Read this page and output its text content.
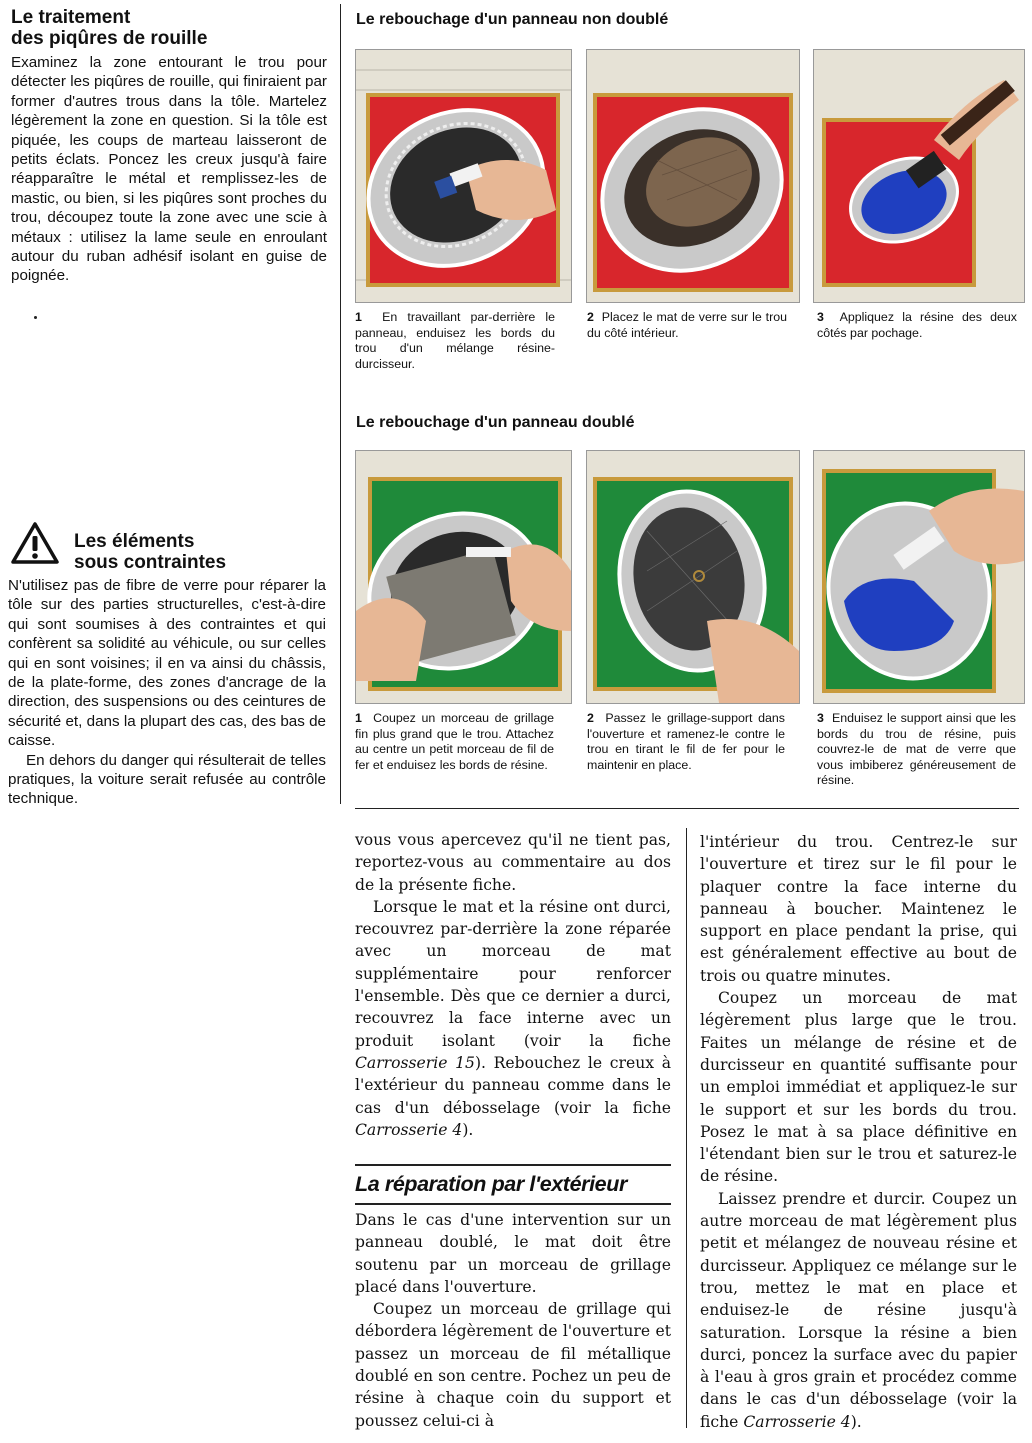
Le traitement
des piqûres de rouille

Examinez la zone entourant le trou pour détecter les piqûres de rouille, qui finiraient par former d'autres trous dans la tôle. Martelez légèrement la zone en question. Si la tôle est piquée, les coups de marteau laisseront de petits éclats. Poncez les creux jusqu'à faire réapparaître le métal et remplissez-les de mastic, ou bien, si les piqûres sont proches du trou, découpez toute la zone avec une scie à métaux : utilisez la lame seule en enroulant autour du ruban adhésif isolant en guise de poignée.

Les éléments
sous contraintes

N'utilisez pas de fibre de verre pour réparer la tôle sur des parties structurelles, c'est-à-dire qui sont soumises à des contraintes et qui confèrent sa solidité au véhicule, ou sur celles qui en sont voisines; il en va ainsi du châssis, de la plate-forme, des zones d'ancrage de la direction, des suspensions ou des ceintures de sécurité et, dans la plupart des cas, des bas de caisse.

En dehors du danger qui résulterait de telles pratiques, la voiture serait refusée au contrôle technique.

Le rebouchage d'un panneau non doublé
1 En travaillant par-derrière le panneau, enduisez les bords du trou d'un mélange résine-durcisseur.
2 Placez le mat de verre sur le trou du côté intérieur.
3 Appliquez la résine des deux côtés par pochage.
Le rebouchage d'un panneau doublé
1 Coupez un morceau de grillage fin plus grand que le trou. Attachez au centre un petit morceau de fil de fer et enduisez les bords de résine.
2 Passez le grillage-support dans l'ouverture et ramenez-le contre le trou en tirant le fil de fer pour le maintenir en place.
3 Enduisez le support ainsi que les bords du trou de résine, puis couvrez-le de mat de verre que vous imbiberez généreusement de résine.

vous vous apercevez qu'il ne tient pas, reportez-vous au commentaire au dos de la présente fiche.

Lorsque le mat et la résine ont durci, recouvrez par-derrière la zone réparée avec un morceau de mat supplémentaire pour renforcer l'ensemble. Dès que ce dernier a durci, recouvrez la face interne avec un produit isolant (voir la fiche Carrosserie 15). Rebouchez le creux à l'extérieur du panneau comme dans le cas d'un débosselage (voir la fiche Carrosserie 4).

La réparation par l'extérieur

Dans le cas d'une intervention sur un panneau doublé, le mat doit être soutenu par un morceau de grillage placé dans l'ouverture.

Coupez un morceau de grillage qui débordera légèrement de l'ouverture et passez un morceau de fil métallique doublé en son centre. Pochez un peu de résine à chaque coin du support et poussez celui-ci à

l'intérieur du trou. Centrez-le sur l'ouverture et tirez sur le fil pour le plaquer contre la face interne du panneau à boucher. Maintenez le support en place pendant la prise, qui est généralement effective au bout de trois ou quatre minutes.

Coupez un morceau de mat légèrement plus large que le trou. Faites un mélange de résine et de durcisseur en quantité suffisante pour un emploi immédiat et appliquez-le sur le support et sur les bords du trou. Posez le mat à sa place définitive en l'étendant bien sur le trou et saturez-le de résine.

Laissez prendre et durcir. Coupez un autre morceau de mat légèrement plus petit et mélangez de nouveau résine et durcisseur. Appliquez ce mélange sur le trou, mettez le mat en place et enduisez-le de résine jusqu'à saturation. Lorsque la résine a bien durci, poncez la surface avec du papier à l'eau à gros grain et procédez comme dans le cas d'un débosselage (voir la fiche Carrosserie 4).
